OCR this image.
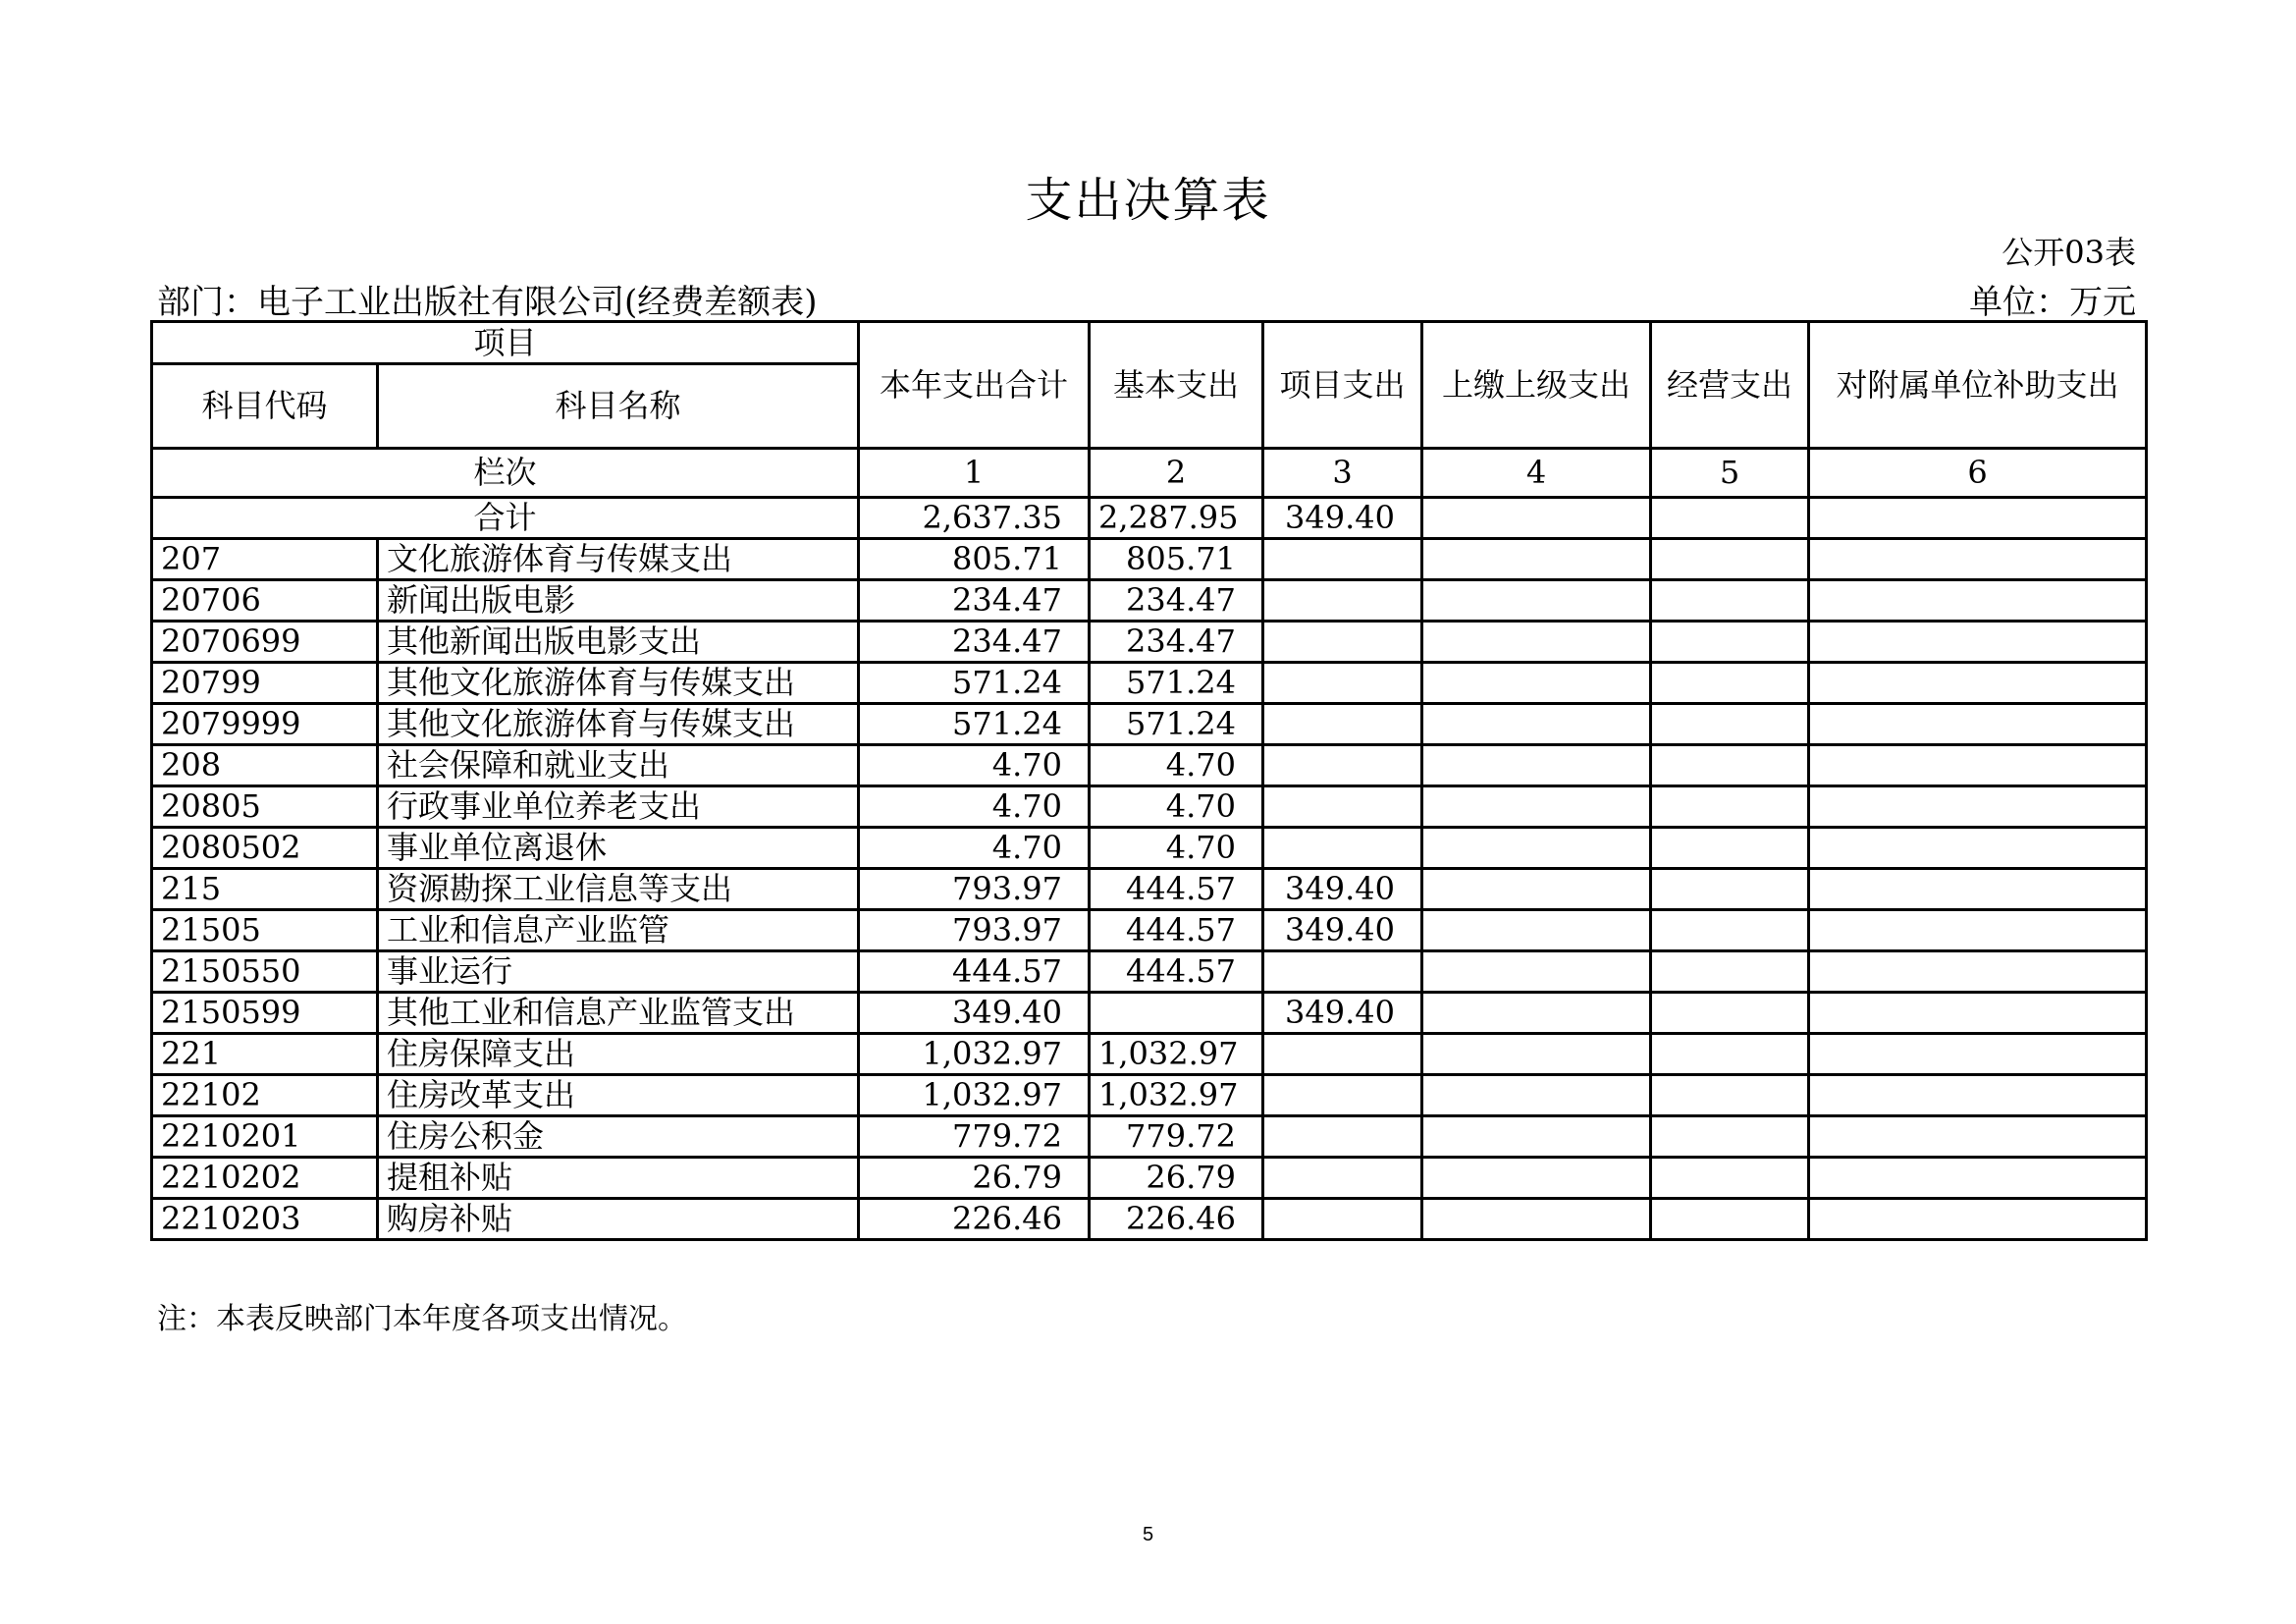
支出决算表
公开03表
部门：电子工业出版社有限公司(经费差额表)	单位：万元
项目		本年支出合计	基本支出	项目支出	上缴上级支出	经营支出	对附属单位补助支出
科目代码	科目名称						
栏次		1	2	3	4	5	6
合计		2,637.35	2,287.95	349.40			
207	文化旅游体育与传媒支出	805.71	805.71				
20706	新闻出版电影	234.47	234.47				
2070699	其他新闻出版电影支出	234.47	234.47				
20799	其他文化旅游体育与传媒支出	571.24	571.24				
2079999	其他文化旅游体育与传媒支出	571.24	571.24				
208	社会保障和就业支出	4.70	4.70				
20805	行政事业单位养老支出	4.70	4.70				
2080502	事业单位离退休	4.70	4.70				
215	资源勘探工业信息等支出	793.97	444.57	349.40			
21505	工业和信息产业监管	793.97	444.57	349.40			
2150550	事业运行	444.57	444.57				
2150599	其他工业和信息产业监管支出	349.40		349.40			
221	住房保障支出	1,032.97	1,032.97				
22102	住房改革支出	1,032.97	1,032.97				
2210201	住房公积金	779.72	779.72				
2210202	提租补贴	26.79	26.79				
2210203	购房补贴	226.46	226.46				
注：本表反映部门本年度各项支出情况。
5
